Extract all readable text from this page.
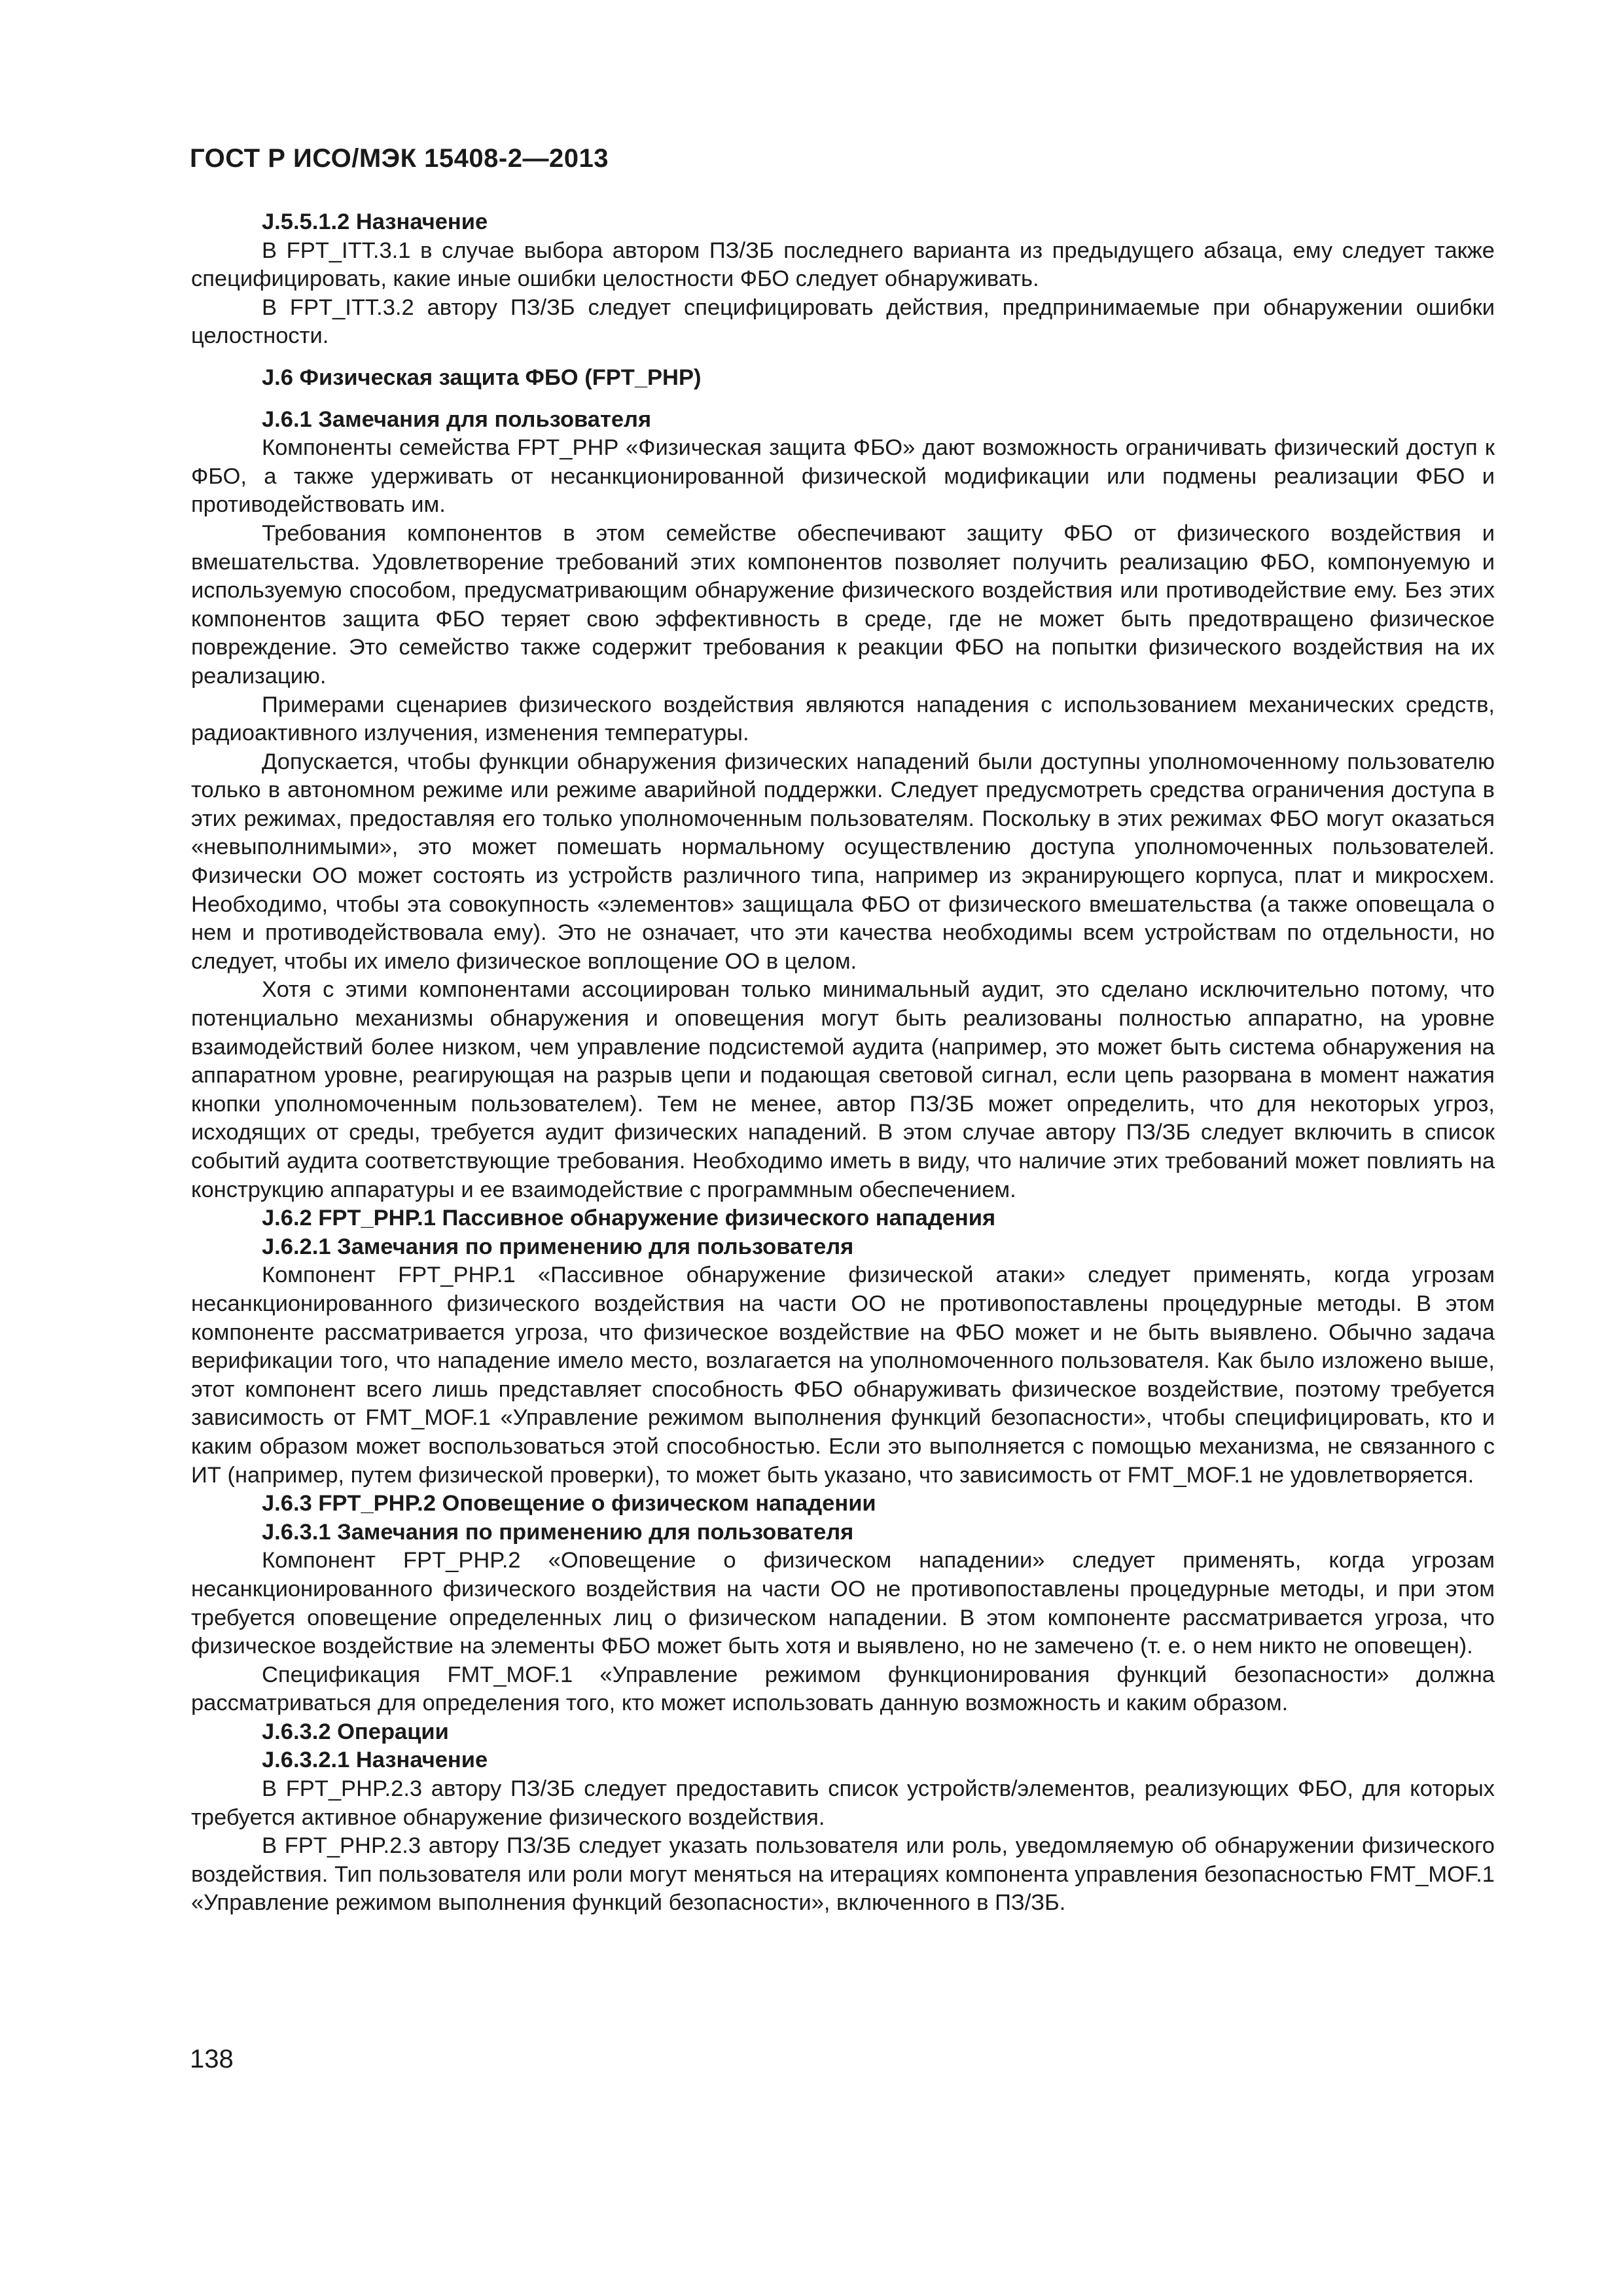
ГОСТ Р ИСО/МЭК 15408-2—2013
J.5.5.1.2 Назначение
В FPT_ITT.3.1 в случае выбора автором ПЗ/ЗБ последнего варианта из предыдущего абзаца, ему следует также специфицировать, какие иные ошибки целостности ФБО следует обнаруживать.
В FPT_ITT.3.2 автору ПЗ/ЗБ следует специфицировать действия, предпринимаемые при обнаружении ошибки целостности.
J.6 Физическая защита ФБО (FPT_PHP)
J.6.1 Замечания для пользователя
Компоненты семейства FPT_PHP «Физическая защита ФБО» дают возможность ограничивать физический доступ к ФБО, а также удерживать от несанкционированной физической модификации или подмены реализации ФБО и противодействовать им.
Требования компонентов в этом семействе обеспечивают защиту ФБО от физического воздействия и вмешательства. Удовлетворение требований этих компонентов позволяет получить реализацию ФБО, компонуемую и используемую способом, предусматривающим обнаружение физического воздействия или противодействие ему. Без этих компонентов защита ФБО теряет свою эффективность в среде, где не может быть предотвращено физическое повреждение. Это семейство также содержит требования к реакции ФБО на попытки физического воздействия на их реализацию.
Примерами сценариев физического воздействия являются нападения с использованием механических средств, радиоактивного излучения, изменения температуры.
Допускается, чтобы функции обнаружения физических нападений были доступны уполномоченному пользователю только в автономном режиме или режиме аварийной поддержки. Следует предусмотреть средства ограничения доступа в этих режимах, предоставляя его только уполномоченным пользователям. Поскольку в этих режимах ФБО могут оказаться «невыполнимыми», это может помешать нормальному осуществлению доступа уполномоченных пользователей. Физически ОО может состоять из устройств различного типа, например из экранирующего корпуса, плат и микросхем. Необходимо, чтобы эта совокупность «элементов» защищала ФБО от физического вмешательства (а также оповещала о нем и противодействовала ему). Это не означает, что эти качества необходимы всем устройствам по отдельности, но следует, чтобы их имело физическое воплощение ОО в целом.
Хотя с этими компонентами ассоциирован только минимальный аудит, это сделано исключительно потому, что потенциально механизмы обнаружения и оповещения могут быть реализованы полностью аппаратно, на уровне взаимодействий более низком, чем управление подсистемой аудита (например, это может быть система обнаружения на аппаратном уровне, реагирующая на разрыв цепи и подающая световой сигнал, если цепь разорвана в момент нажатия кнопки уполномоченным пользователем). Тем не менее, автор ПЗ/ЗБ может определить, что для некоторых угроз, исходящих от среды, требуется аудит физических нападений. В этом случае автору ПЗ/ЗБ следует включить в список событий аудита соответствующие требования. Необходимо иметь в виду, что наличие этих требований может повлиять на конструкцию аппаратуры и ее взаимодействие с программным обеспечением.
J.6.2 FPT_PHP.1 Пассивное обнаружение физического нападения
J.6.2.1 Замечания по применению для пользователя
Компонент FPT_PHP.1 «Пассивное обнаружение физической атаки» следует применять, когда угрозам несанкционированного физического воздействия на части ОО не противопоставлены процедурные методы. В этом компоненте рассматривается угроза, что физическое воздействие на ФБО может и не быть выявлено. Обычно задача верификации того, что нападение имело место, возлагается на уполномоченного пользователя. Как было изложено выше, этот компонент всего лишь представляет способность ФБО обнаруживать физическое воздействие, поэтому требуется зависимость от FMT_MOF.1 «Управление режимом выполнения функций безопасности», чтобы специфицировать, кто и каким образом может воспользоваться этой способностью. Если это выполняется с помощью механизма, не связанного с ИТ (например, путем физической проверки), то может быть указано, что зависимость от FMT_MOF.1 не удовлетворяется.
J.6.3 FPT_PHP.2 Оповещение о физическом нападении
J.6.3.1 Замечания по применению для пользователя
Компонент FPT_PHP.2 «Оповещение о физическом нападении» следует применять, когда угрозам несанкционированного физического воздействия на части ОО не противопоставлены процедурные методы, и при этом требуется оповещение определенных лиц о физическом нападении. В этом компоненте рассматривается угроза, что физическое воздействие на элементы ФБО может быть хотя и выявлено, но не замечено (т. е. о нем никто не оповещен).
Спецификация FMT_MOF.1 «Управление режимом функционирования функций безопасности» должна рассматриваться для определения того, кто может использовать данную возможность и каким образом.
J.6.3.2 Операции
J.6.3.2.1 Назначение
В FPT_PHP.2.3 автору ПЗ/ЗБ следует предоставить список устройств/элементов, реализующих ФБО, для которых требуется активное обнаружение физического воздействия.
В FPT_PHP.2.3 автору ПЗ/ЗБ следует указать пользователя или роль, уведомляемую об обнаружении физического воздействия. Тип пользователя или роли могут меняться на итерациях компонента управления безопасностью FMT_MOF.1 «Управление режимом выполнения функций безопасности», включенного в ПЗ/ЗБ.
138
